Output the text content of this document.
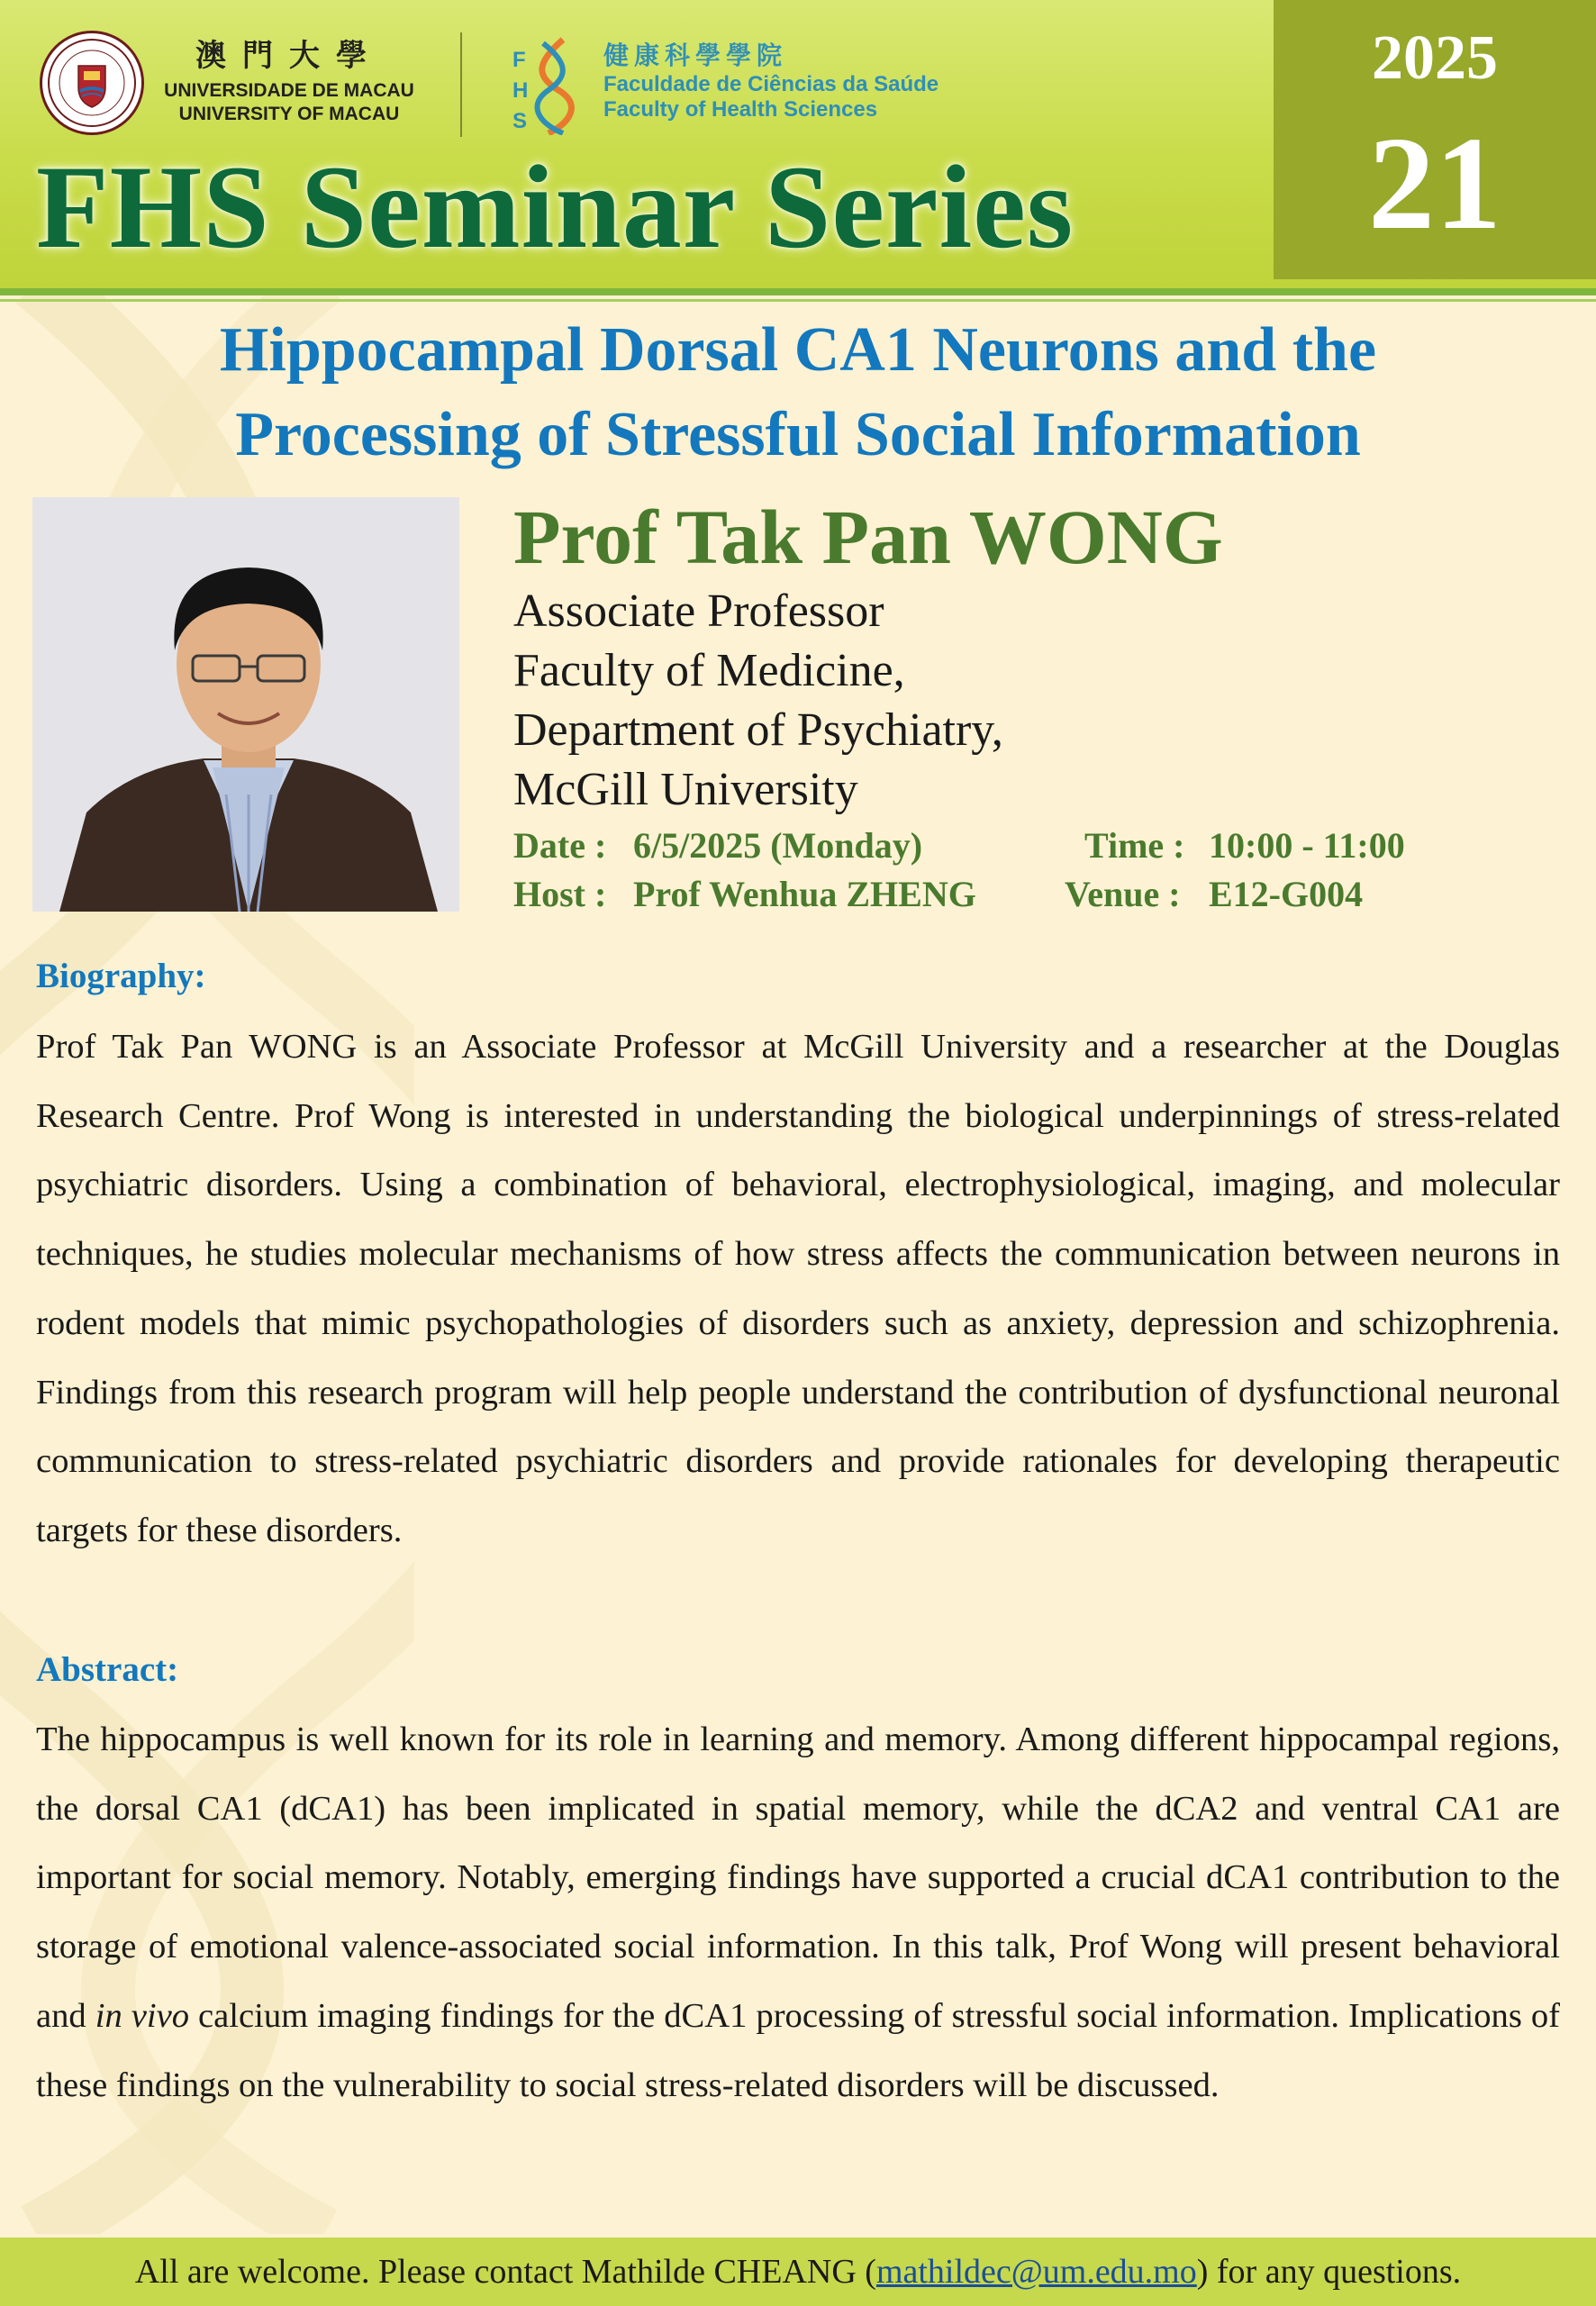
澳門大學
UNIVERSIDADE DE MACAU
UNIVERSITY OF MACAU
F
H
S
健康科學學院
Faculdade de Ciências da Saúde
Faculty of Health Sciences
FHS Seminar Series
2025
21
Hippocampal Dorsal CA1 Neurons and the
Processing of Stressful Social Information
Prof Tak Pan WONG
Associate Professor
Faculty of Medicine,
Department of Psychiatry,
McGill University
Date : 6/5/2025 (Monday)	Time : 10:00 - 11:00
Host : Prof Wenhua ZHENG Venue : E12-G004
Biography:
Prof Tak Pan WONG is an Associate Professor at McGill University and a researcher at the Douglas Research Centre. Prof Wong is interested in understanding the biological underpinnings of stress-related psychiatric disorders. Using a combination of behavioral, electrophysiological, imaging, and molecular techniques, he studies molecular mechanisms of how stress affects the communication between neurons in rodent models that mimic psychopathologies of disorders such as anxiety, depression and schizophrenia. Findings from this research program will help people understand the contribution of dysfunctional neuronal communication to stress-related psychiatric disorders and provide rationales for developing therapeutic targets for these disorders.
Abstract:
The hippocampus is well known for its role in learning and memory. Among different hippocampal regions, the dorsal CA1 (dCA1) has been implicated in spatial memory, while the dCA2 and ventral CA1 are important for social memory. Notably, emerging findings have supported a crucial dCA1 contribution to the storage of emotional valence-associated social information. In this talk, Prof Wong will present behavioral and in vivo calcium imaging findings for the dCA1 processing of stressful social information. Implications of these findings on the vulnerability to social stress-related disorders will be discussed.
All are welcome. Please contact Mathilde CHEANG (mathildec@um.edu.mo) for any questions.
